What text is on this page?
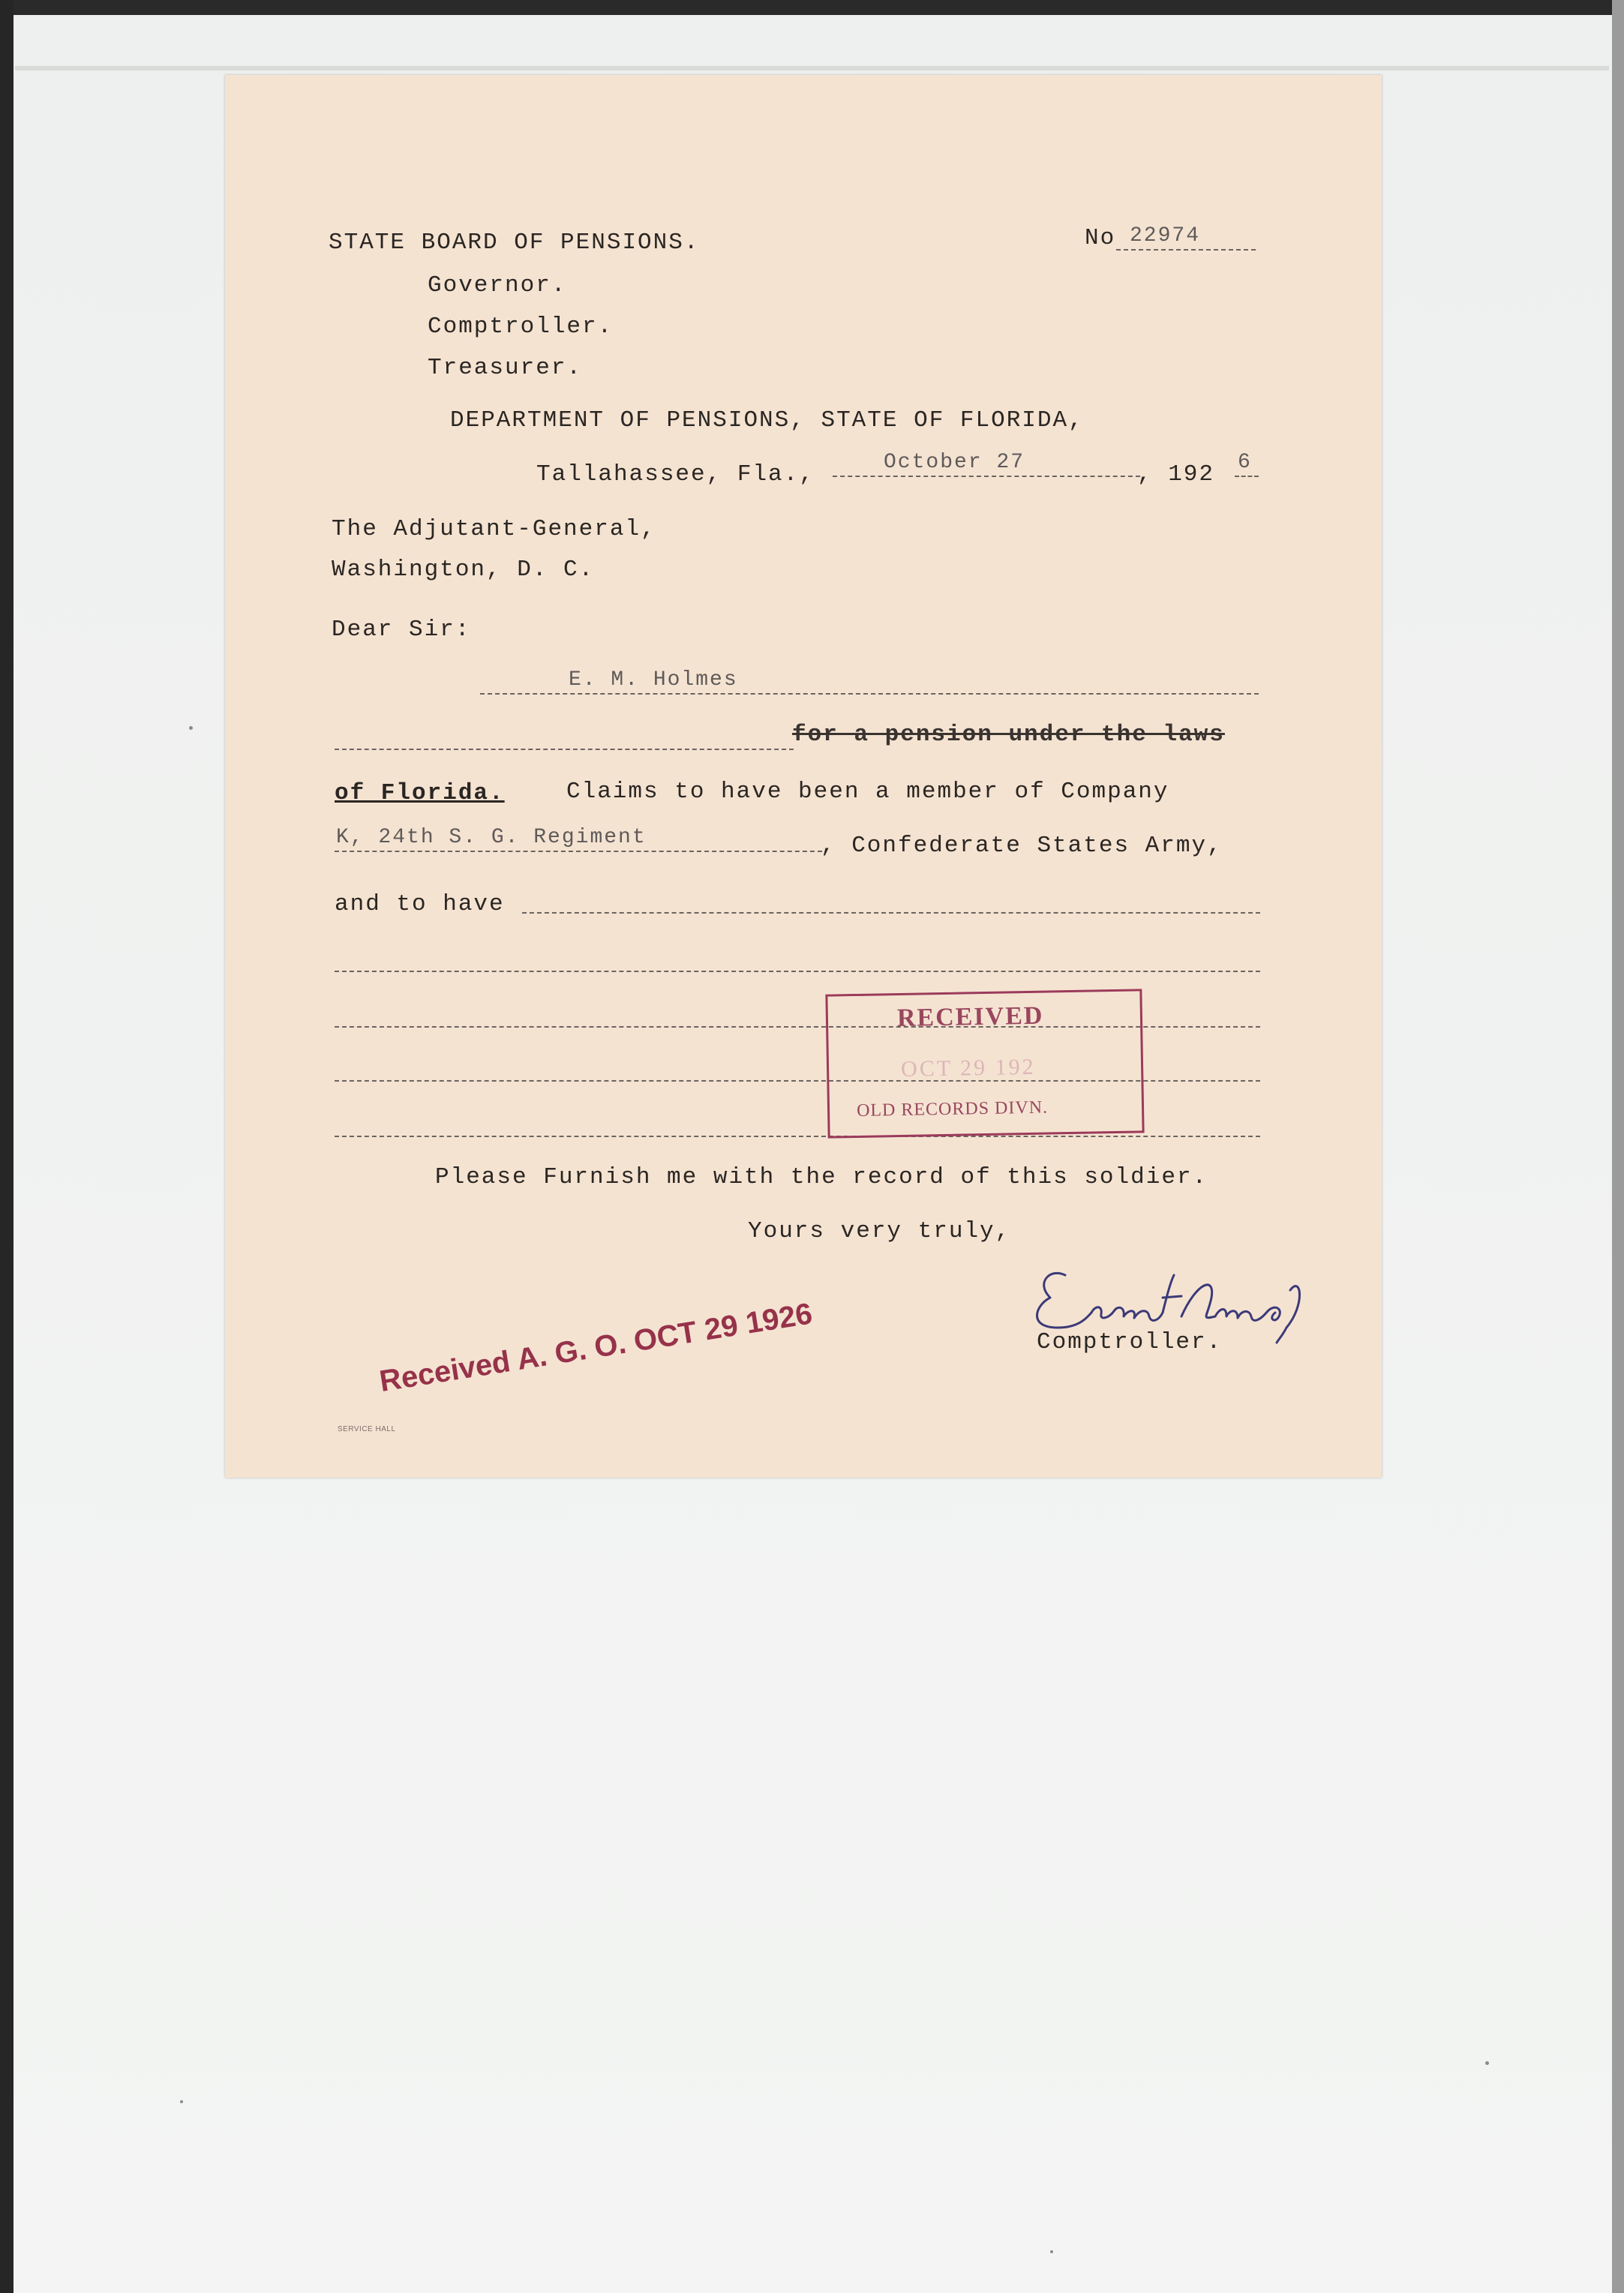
STATE BOARD OF PENSIONS.	No 22974
Governor.
Comptroller.
Treasurer.
DEPARTMENT OF PENSIONS, STATE OF FLORIDA,
Tallahassee, Fla.,	October 27	, 192 6
The Adjutant-General,
Washington, D. C.
Dear Sir:
E. M. Holmes
for a pension under the laws
of Florida.	Claims to have been a member of Company
K, 24th S. G. Regiment	, Confederate States Army,
and to have
RECEIVED
OCT 29 192
OLD RECORDS DIVN.
Please Furnish me with the record of this soldier.
Yours very truly,
Comptroller.
Received A. G. O. OCT 29 1926
SERVICE HALL
